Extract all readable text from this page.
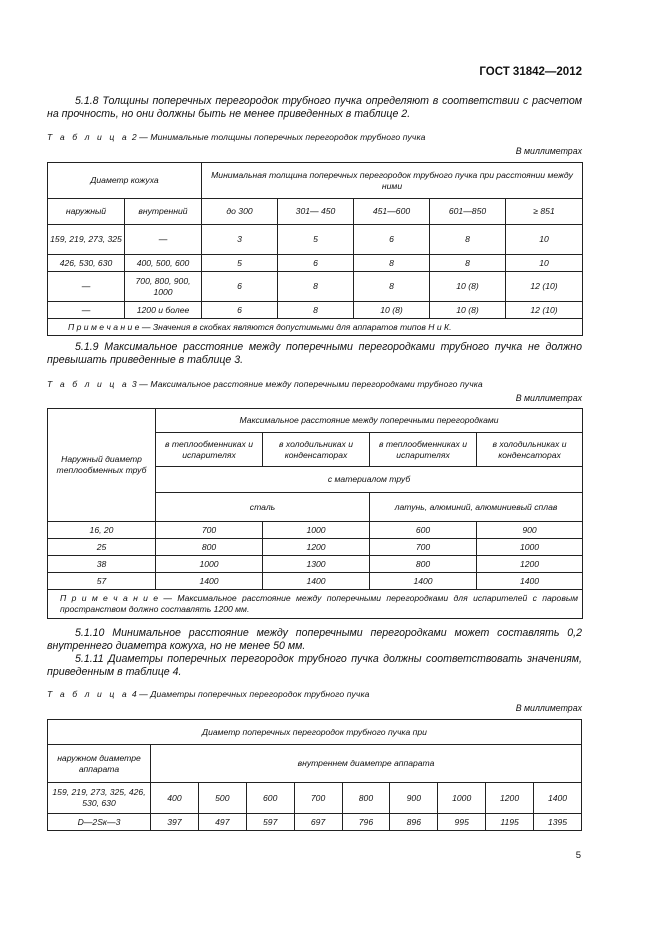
ГОСТ 31842—2012
5.1.8 Толщины поперечных перегородок трубного пучка определяют в соответствии с расчетом на прочность, но они должны быть не менее приведенных в таблице 2.
Т а б л и ц а 2 — Минимальные толщины поперечных перегородок трубного пучка
В миллиметрах
Диаметр кожуха		Минимальная толщина поперечных перегородок трубного пучка при расстоянии между ними				
наружный	внутренний	до 300	301— 450	451—600	601—850	≥ 851
159, 219, 273, 325	—	3	5	6	8	10
426, 530, 630	400, 500, 600	5	6	8	8	10
—	700, 800, 900, 1000	6	8	8	10 (8)	12 (10)
—	1200 и более	6	8	10 (8)	10 (8)	12 (10)
П р и м е ч а н и е — Значения в скобках являются допустимыми для аппаратов типов Н и К.						
5.1.9 Максимальное расстояние между поперечными перегородками трубного пучка не должно превышать приведенные в таблице 3.
Т а б л и ц а 3 — Максимальное расстояние между поперечными перегородками трубного пучка
В миллиметрах
Наружный диаметр теплообменных труб	Максимальное расстояние между поперечными перегородками			
	в теплообменниках и испарителях	в холодильниках и конденсаторах	в теплообменниках и испарителях	в холодильниках и конденсаторах
	с материалом труб			
	сталь		латунь, алюминий, алюминиевый сплав	
16, 20	700	1000	600	900
25	800	1200	700	1000
38	1000	1300	800	1200
57	1400	1400	1400	1400
П р и м е ч а н и е — Максимальное расстояние между поперечными перегородками для испарителей с паровым пространством должно составлять 1200 мм.				
5.1.10 Минимальное расстояние между поперечными перегородками может составлять 0,2 внутреннего диаметра кожуха, но не менее 50 мм.
5.1.11 Диаметры поперечных перегородок трубного пучка должны соответствовать значениям, приведенным в таблице 4.
Т а б л и ц а 4 — Диаметры поперечных перегородок трубного пучка
В миллиметрах
Диаметр поперечных перегородок трубного пучка при									
наружном диаметре аппарата	внутреннем диаметре аппарата								
159, 219, 273, 325, 426, 530, 630	400	500	600	700	800	900	1000	1200	1400
D—2Sк—3	397	497	597	697	796	896	995	1195	1395
5
